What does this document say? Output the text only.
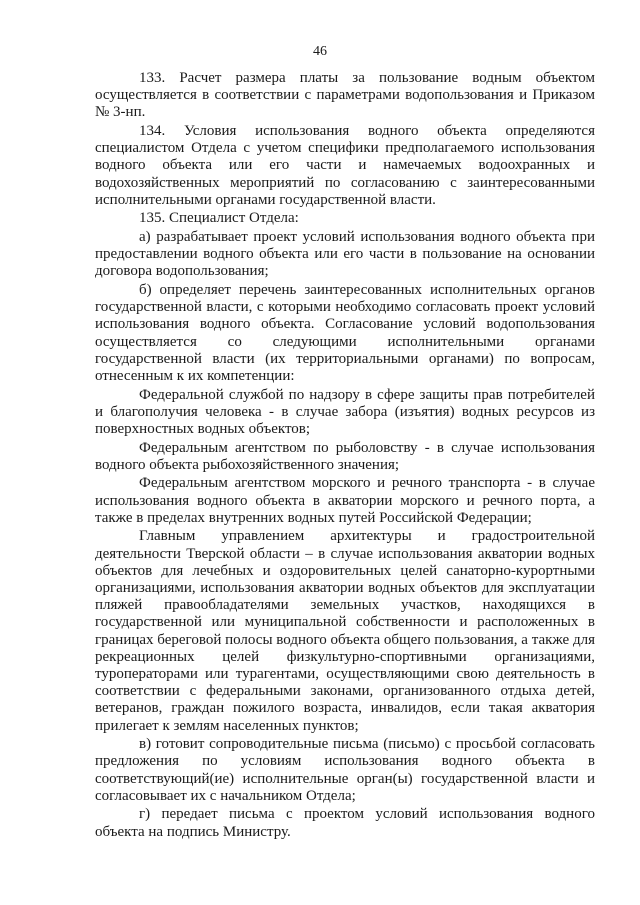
46

133. Расчет размера платы за пользование водным объектом осуществляется в соответствии с параметрами водопользования и Приказом № 3-нп.

134. Условия использования водного объекта определяются специалистом Отдела с учетом специфики предполагаемого использования водного объекта или его части и намечаемых водоохранных и водохозяйственных мероприятий по согласованию с заинтересованными исполнительными органами государственной власти.

135. Специалист Отдела:

а) разрабатывает проект условий использования водного объекта при предоставлении водного объекта или его части в пользование на основании договора водопользования;

б) определяет перечень заинтересованных исполнительных органов государственной власти, с которыми необходимо согласовать проект условий использования водного объекта. Согласование условий водопользования осуществляется со следующими исполнительными органами государственной власти (их территориальными органами) по вопросам, отнесенным к их компетенции:

Федеральной службой по надзору в сфере защиты прав потребителей и благополучия человека - в случае забора (изъятия) водных ресурсов из поверхностных водных объектов;

Федеральным агентством по рыболовству - в случае использования водного объекта рыбохозяйственного значения;

Федеральным агентством морского и речного транспорта - в случае использования водного объекта в акватории морского и речного порта, а также в пределах внутренних водных путей Российской Федерации;

Главным управлением архитектуры и градостроительной деятельности Тверской области – в случае использования акватории водных объектов для лечебных и оздоровительных целей санаторно-курортными организациями, использования акватории водных объектов для эксплуатации пляжей правообладателями земельных участков, находящихся в государственной или муниципальной собственности и расположенных в границах береговой полосы водного объекта общего пользования, а также для рекреационных целей физкультурно-спортивными организациями, туроператорами или турагентами, осуществляющими свою деятельность в соответствии с федеральными законами, организованного отдыха детей, ветеранов, граждан пожилого возраста, инвалидов, если такая акватория прилегает к землям населенных пунктов;

в) готовит сопроводительные письма (письмо) с просьбой согласовать предложения по условиям использования водного объекта в соответствующий(ие) исполнительные орган(ы) государственной власти и согласовывает их с начальником Отдела;

г) передает письма с проектом условий использования водного объекта на подпись Министру.
